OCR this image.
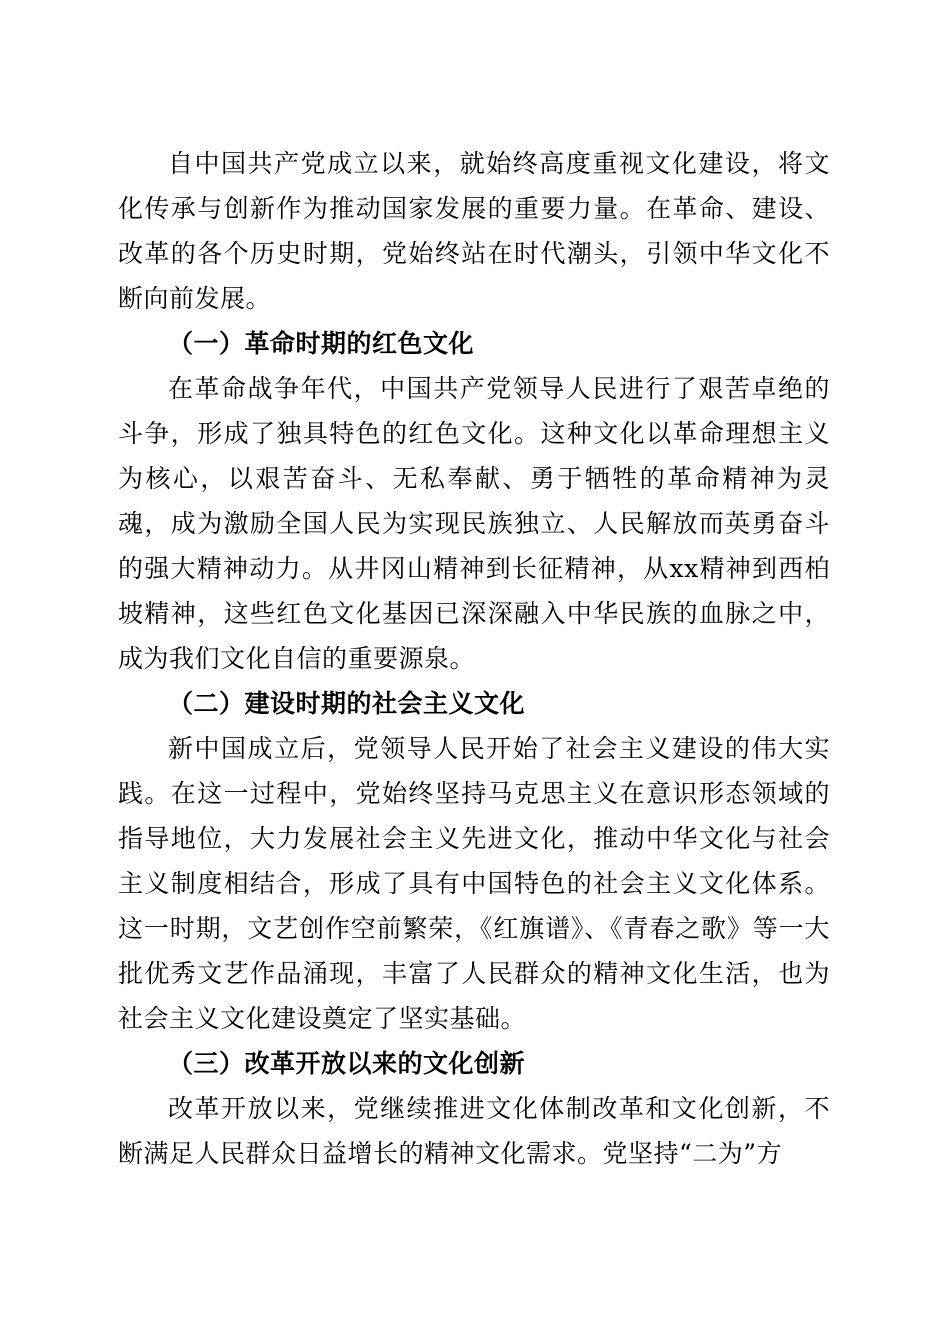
自中国共产党成立以来，就始终高度重视文化建设，将文化传承与创新作为推动国家发展的重要力量。在革命、建设、改革的各个历史时期，党始终站在时代潮头，引领中华文化不断向前发展。

（一）革命时期的红色文化

在革命战争年代，中国共产党领导人民进行了艰苦卓绝的斗争，形成了独具特色的红色文化。这种文化以革命理想主义为核心，以艰苦奋斗、无私奉献、勇于牺牲的革命精神为灵魂，成为激励全国人民为实现民族独立、人民解放而英勇奋斗的强大精神动力。从井冈山精神到长征精神，从xx精神到西柏坡精神，这些红色文化基因已深深融入中华民族的血脉之中，成为我们文化自信的重要源泉。

（二）建设时期的社会主义文化

新中国成立后，党领导人民开始了社会主义建设的伟大实践。在这一过程中，党始终坚持马克思主义在意识形态领域的指导地位，大力发展社会主义先进文化，推动中华文化与社会主义制度相结合，形成了具有中国特色的社会主义文化体系。这一时期，文艺创作空前繁荣，《红旗谱》、《青春之歌》等一大批优秀文艺作品涌现，丰富了人民群众的精神文化生活，也为社会主义文化建设奠定了坚实基础。

（三）改革开放以来的文化创新

改革开放以来，党继续推进文化体制改革和文化创新，不断满足人民群众日益增长的精神文化需求。党坚持“二为”方
